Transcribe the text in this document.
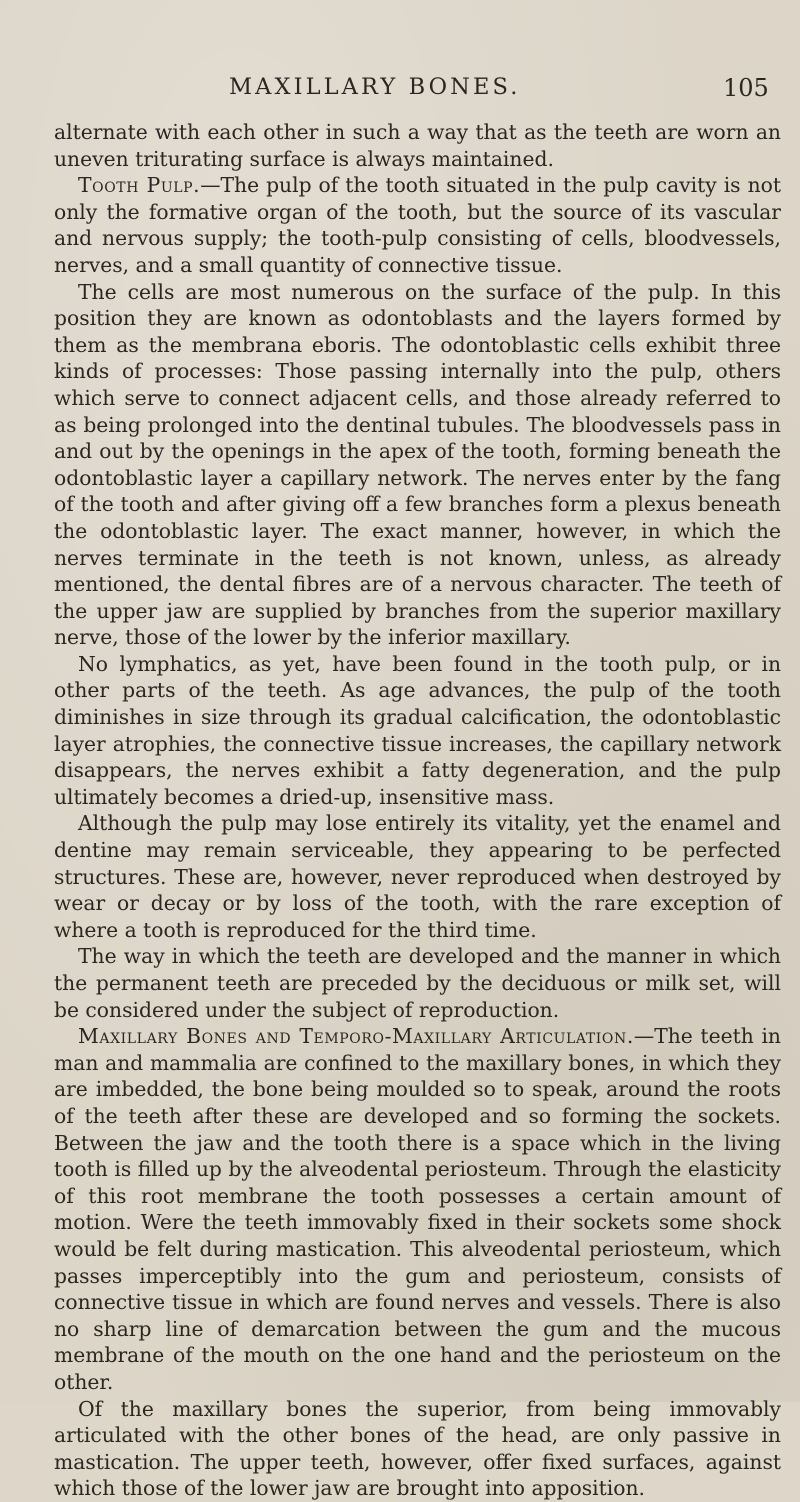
MAXILLARY BONES.	105

alternate with each other in such a way that as the teeth are worn an uneven triturating surface is always maintained.

Tooth Pulp.—The pulp of the tooth situated in the pulp cavity is not only the formative organ of the tooth, but the source of its vascular and nervous supply; the tooth-pulp consisting of cells, bloodvessels, nerves, and a small quantity of connective tissue.

The cells are most numerous on the surface of the pulp. In this position they are known as odontoblasts and the layers formed by them as the membrana eboris. The odontoblastic cells exhibit three kinds of processes: Those passing internally into the pulp, others which serve to connect adjacent cells, and those already referred to as being prolonged into the dentinal tubules. The bloodvessels pass in and out by the openings in the apex of the tooth, forming beneath the odontoblastic layer a capillary network. The nerves enter by the fang of the tooth and after giving off a few branches form a plexus beneath the odontoblastic layer. The exact manner, however, in which the nerves terminate in the teeth is not known, unless, as already mentioned, the dental fibres are of a nervous character. The teeth of the upper jaw are supplied by branches from the superior maxillary nerve, those of the lower by the inferior maxillary.

No lymphatics, as yet, have been found in the tooth pulp, or in other parts of the teeth. As age advances, the pulp of the tooth diminishes in size through its gradual calcification, the odontoblastic layer atrophies, the connective tissue increases, the capillary network disappears, the nerves exhibit a fatty degeneration, and the pulp ultimately becomes a dried-up, insensitive mass.

Although the pulp may lose entirely its vitality, yet the enamel and dentine may remain serviceable, they appearing to be perfected structures. These are, however, never reproduced when destroyed by wear or decay or by loss of the tooth, with the rare exception of where a tooth is reproduced for the third time.

The way in which the teeth are developed and the manner in which the permanent teeth are preceded by the deciduous or milk set, will be considered under the subject of reproduction.

Maxillary Bones and Temporo-Maxillary Articulation.—The teeth in man and mammalia are confined to the maxillary bones, in which they are imbedded, the bone being moulded so to speak, around the roots of the teeth after these are developed and so forming the sockets. Between the jaw and the tooth there is a space which in the living tooth is filled up by the alveodental periosteum. Through the elasticity of this root membrane the tooth possesses a certain amount of motion. Were the teeth immovably fixed in their sockets some shock would be felt during mastication. This alveodental periosteum, which passes imperceptibly into the gum and periosteum, consists of connective tissue in which are found nerves and vessels. There is also no sharp line of demarcation between the gum and the mucous membrane of the mouth on the one hand and the periosteum on the other.

Of the maxillary bones the superior, from being immovably articulated with the other bones of the head, are only passive in mastication. The upper teeth, however, offer fixed surfaces, against which those of the lower jaw are brought into apposition.
